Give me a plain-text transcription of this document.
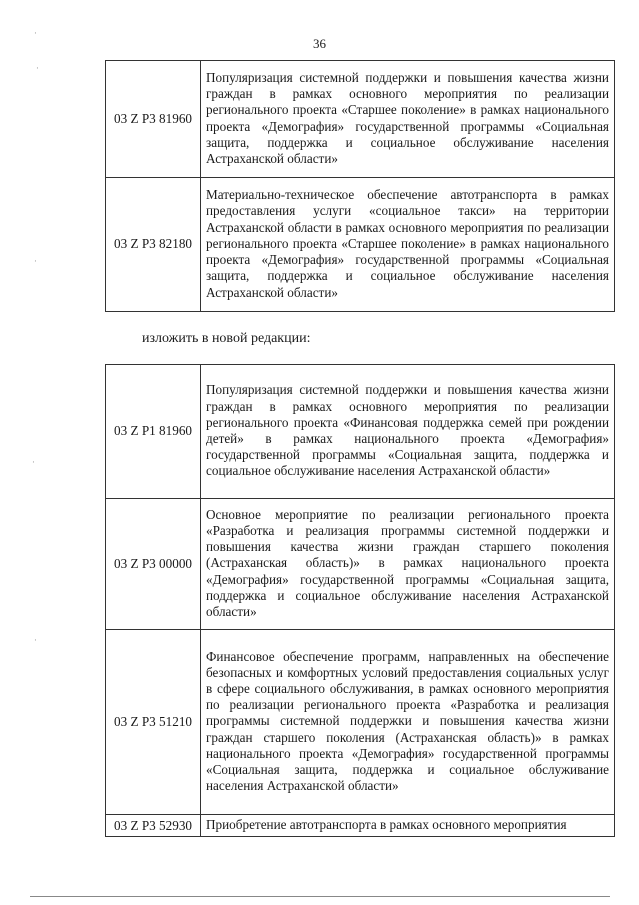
36
03 Z P3 81960	Популяризация системной поддержки и повышения качества жизни граждан в рамках основного мероприятия по реализации регионального проекта «Старшее поколение» в рамках национального проекта «Демография» государственной программы «Социальная защита, поддержка и социальное обслуживание населения Астраханской области»
03 Z P3 82180	Материально-техническое обеспечение автотранспорта в рамках предоставления услуги «социальное такси» на территории Астраханской области в рамках основного мероприятия по реализации регионального проекта «Старшее поколение» в рамках национального проекта «Демография» государственной программы «Социальная защита, поддержка и социальное обслуживание населения Астраханской области»
изложить в новой редакции:
03 Z P1 81960	Популяризация системной поддержки и повышения качества жизни граждан в рамках основного мероприятия по реализации регионального проекта «Финансовая поддержка семей при рождении детей» в рамках национального проекта «Демография» государственной программы «Социальная защита, поддержка и социальное обслуживание населения Астраханской области»
03 Z P3 00000	Основное мероприятие по реализации регионального проекта «Разработка и реализация программы системной поддержки и повышения качества жизни граждан старшего поколения (Астраханская область)» в рамках национального проекта «Демография» государственной программы «Социальная защита, поддержка и социальное обслуживание населения Астраханской области»
03 Z P3 51210	Финансовое обеспечение программ, направленных на обеспечение безопасных и комфортных условий предоставления социальных услуг в сфере социального обслуживания, в рамках основного мероприятия по реализации регионального проекта «Разработка и реализация программы системной поддержки и повышения качества жизни граждан старшего поколения (Астраханская область)» в рамках национального проекта «Демография» государственной программы «Социальная защита, поддержка и социальное обслуживание населения Астраханской области»
03 Z P3 52930	Приобретение автотранспорта в рамках основного мероприятия
·
·
·
·
·
